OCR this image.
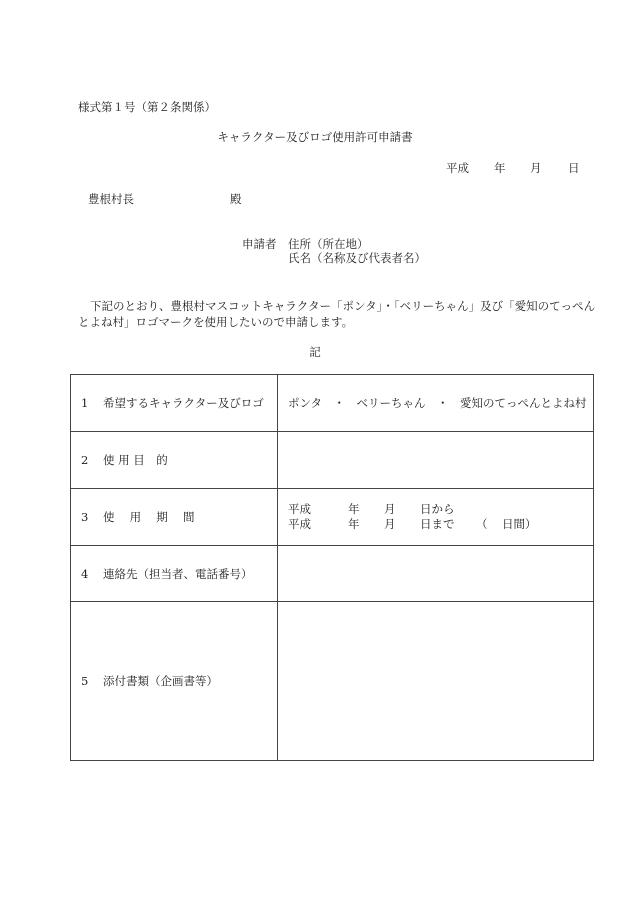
様式第１号（第２条関係）
キャラクター及びロゴ使用許可申請書
平成 年 月 日
豊根村長	殿
申請者 住所（所在地）
氏名（名称及び代表者名）
下記のとおり、豊根村マスコットキャラクター「ポンタ」・「ベリーちゃん」及び「愛知のてっぺんとよね村」ロゴマークを使用したいので申請します。
記
1 希望するキャラクター及びロゴ	ポンタ　・　ベリーちゃん　・　愛知のてっぺんとよね村
2 使 用 目　的	
3 使　 用　 期　 間	平成 年 月 日から
平成 年 月 日まで （ 日間）

4 連絡先（担当者、電話番号）	
5 添付書類（企画書等）	
